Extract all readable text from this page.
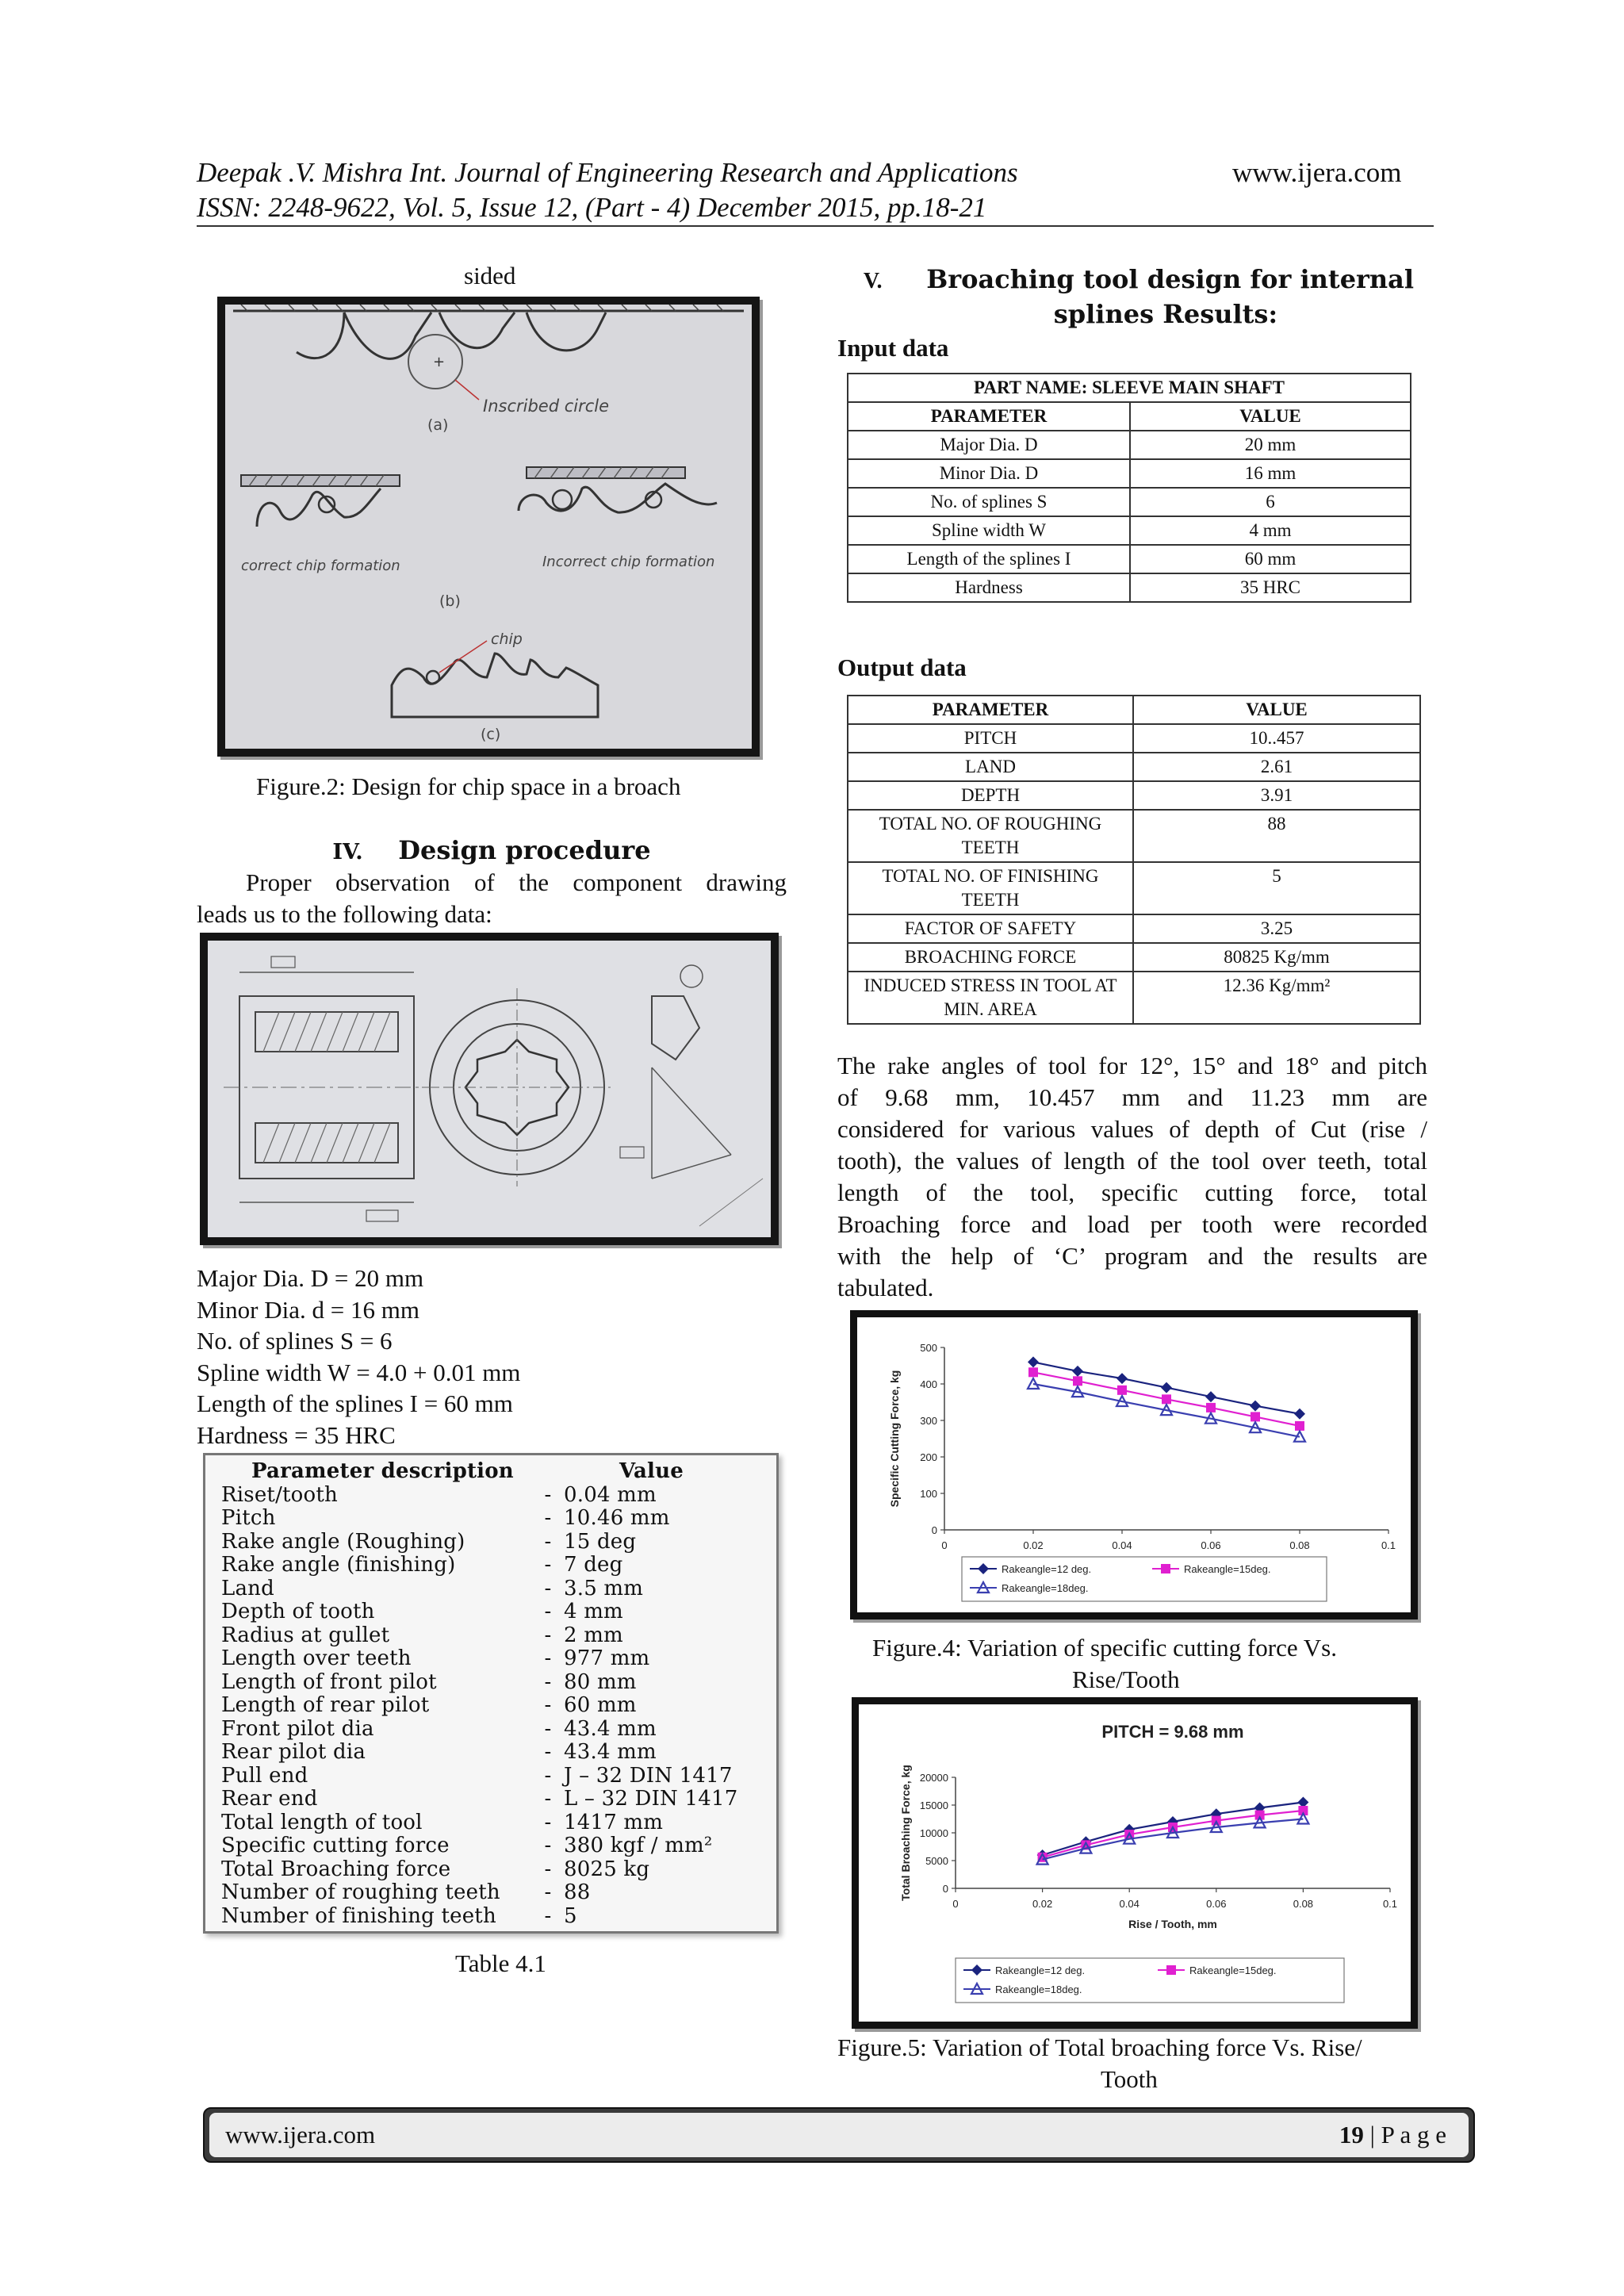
Deepak .V. Mishra Int. Journal of Engineering Research and Applications	www.ijera.com
ISSN: 2248-9622, Vol. 5, Issue 12, (Part - 4) December 2015, pp.18-21
sided
+
Inscribed circle
(a)
correct chip formation	Incorrect chip formation
(b)
chip
(c)
Figure.2: Design for chip space in a broach
IV. Design procedure
Proper observation of the component drawing
leads us to the following data:
Major Dia. D = 20 mm
Minor Dia. d = 16 mm
No. of splines S = 6
Spline width W = 4.0 + 0.01 mm
Length of the splines I = 60 mm
Hardness = 35 HRC
Parameter description		Value
Riset/tooth	-	0.04 mm
Pitch	-	10.46 mm
Rake angle (Roughing)	-	15 deg
Rake angle (finishing)	-	7 deg
Land	-	3.5 mm
Depth of tooth	-	4 mm
Radius at gullet	-	2 mm
Length over teeth	-	977 mm
Length of front pilot	-	80 mm
Length of rear pilot	-	60 mm
Front pilot dia	-	43.4 mm
Rear pilot dia	-	43.4 mm
Pull end	-	J – 32 DIN 1417
Rear end	-	L – 32 DIN 1417
Total length of tool	-	1417 mm
Specific cutting force	-	380 kgf / mm²
Total Broaching force	-	8025 kg
Number of roughing teeth	-	88
Number of finishing teeth	-	5
Table 4.1
V. Broaching tool design for internal
splines Results:
Input data
PART NAME: SLEEVE MAIN SHAFT	
PARAMETER	VALUE
Major Dia. D	20 mm
Minor Dia. D	16 mm
No. of splines S	6
Spline width W	4 mm
Length of the splines I	60 mm
Hardness	35 HRC
Output data
PARAMETER	VALUE
PITCH	10..457
LAND	2.61
DEPTH	3.91
TOTAL NO. OF ROUGHING TEETH	88
TOTAL NO. OF FINISHING TEETH	5
FACTOR OF SAFETY	3.25
BROACHING FORCE	80825 Kg/mm
INDUCED STRESS IN TOOL AT MIN. AREA	12.36 Kg/mm²
The rake angles of tool for 12°, 15° and 18° and pitch
of 9.68 mm, 10.457 mm and 11.23 mm are
considered for various values of depth of Cut (rise /
tooth), the values of length of the tool over teeth, total
length of the tool, specific cutting force, total
Broaching force and load per tooth were recorded
with the help of ‘C’ program and the results are
tabulated.
0
100
200
300
400
500
0	0.02	0.04	0.06	0.08	0.1
Specific Cutting Force, kg
Rakeangle=12 deg.	Rakeangle=15deg.
Rakeangle=18deg.
Figure.4: Variation of specific cutting force Vs.
Rise/Tooth
PITCH = 9.68 mm
0
5000
10000
15000
20000
0	0.02	0.04	0.06	0.08	0.1
Total Broaching Force, kg
Rise / Tooth, mm
Rakeangle=12 deg.	Rakeangle=15deg.
Rakeangle=18deg.
Figure.5: Variation of Total broaching force Vs. Rise/
Tooth
www.ijera.com	19 | P a g e
